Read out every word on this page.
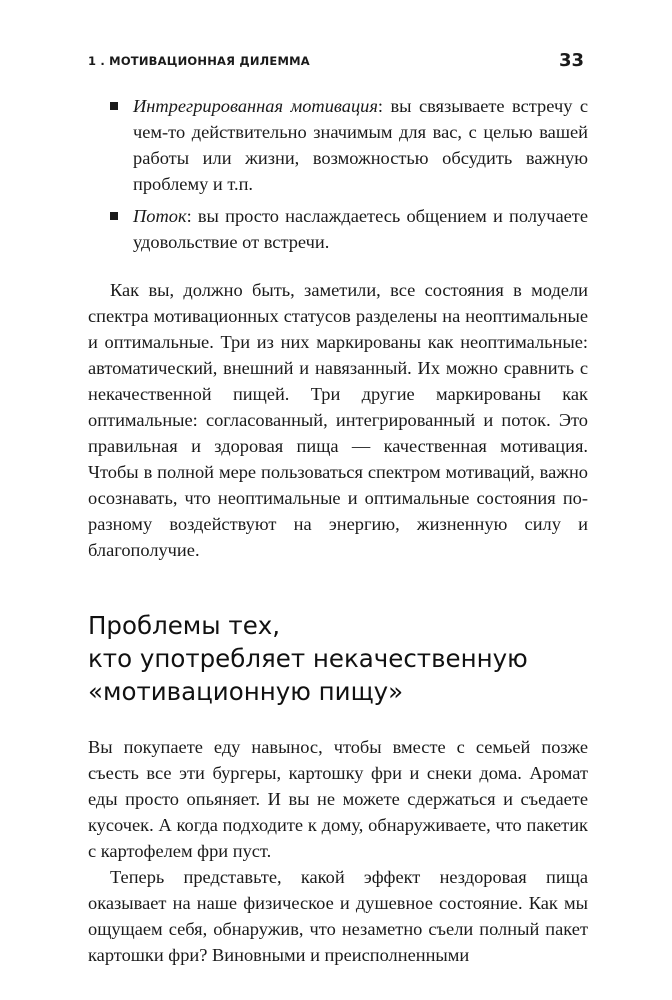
1 . МОТИВАЦИОННАЯ ДИЛЕММА	33
Интрегрированная мотивация: вы связываете встречу с чем-то действительно значимым для вас, с целью вашей работы или жизни, возможностью обсудить важную проблему и т.п.
Поток: вы просто наслаждаетесь общением и получаете удовольствие от встречи.

Как вы, должно быть, заметили, все состояния в модели спектра мотивационных статусов разделены на неоптимальные и оптимальные. Три из них маркированы как неоптимальные: автоматический, внешний и навязанный. Их можно сравнить с некачественной пищей. Три другие маркированы как оптимальные: согласованный, интегрированный и поток. Это правильная и здоровая пища — качественная мотивация. Чтобы в полной мере пользоваться спектром мотиваций, важно осознавать, что неоптимальные и оптимальные состояния по-разному воздействуют на энергию, жизненную силу и благополучие.

Проблемы тех,
кто употребляет некачественную
«мотивационную пищу»

Вы покупаете еду навынос, чтобы вместе с семьей позже съесть все эти бургеры, картошку фри и снеки дома. Аромат еды просто опьяняет. И вы не можете сдержаться и съедаете кусочек. А когда подходите к дому, обнаруживаете, что пакетик с картофелем фри пуст.

Теперь представьте, какой эффект нездоровая пища оказывает на наше физическое и душевное состояние. Как мы ощущаем себя, обнаружив, что незаметно съели полный пакет картошки фри? Виновными и преисполненными
